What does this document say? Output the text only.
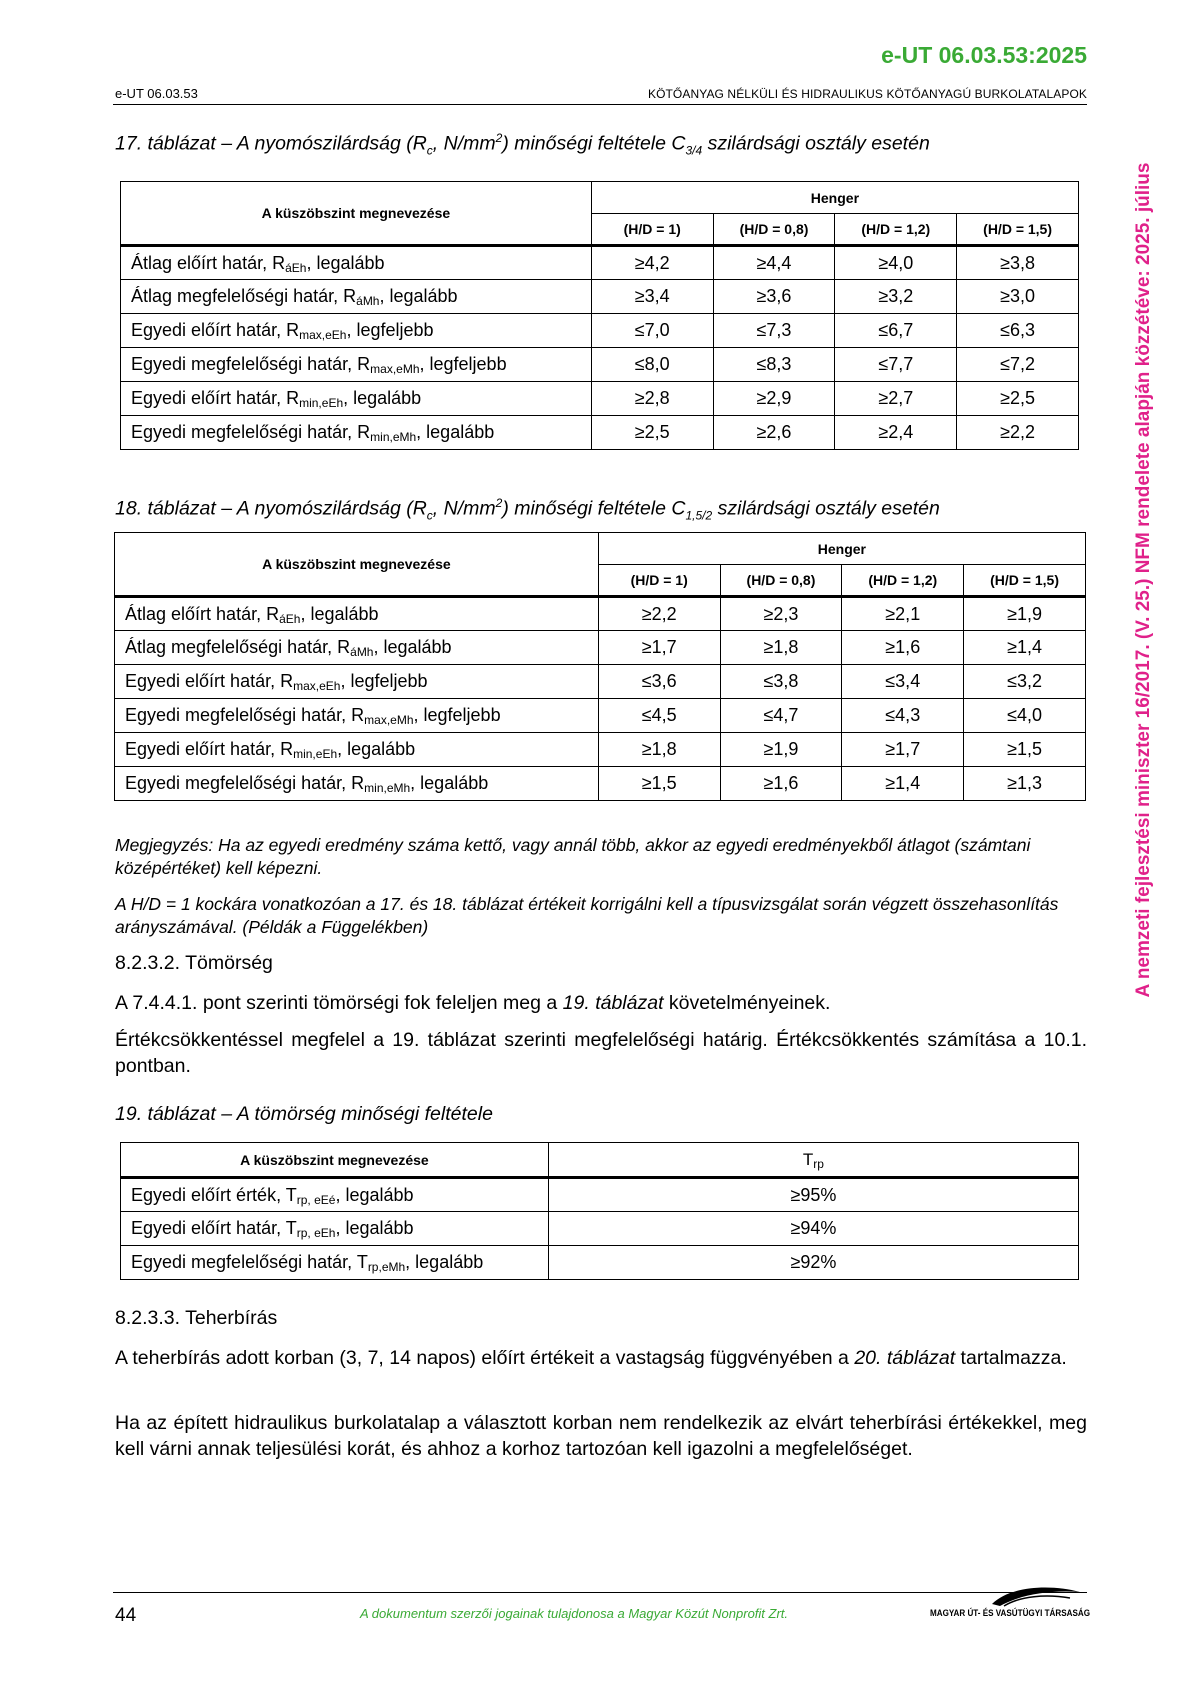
e-UT 06.03.53:2025
e-UT 06.03.53	KÖTŐANYAG NÉLKÜLI ÉS HIDRAULIKUS KÖTŐANYAGÚ BURKOLATALAPOK
17. táblázat – A nyomószilárdság ($R_c$, $N/mm^2$) minőségi feltétele $C_{3/4}$ szilárdsági osztály esetén
A küszöbszint megnevezése	Henger			
	(H/D = 1)	(H/D = 0,8)	(H/D = 1,2)	(H/D = 1,5)
Átlag előírt határ, RáEh, legalább	≥4,2	≥4,4	≥4,0	≥3,8
Átlag megfelelőségi határ, RáMh, legalább	≥3,4	≥3,6	≥3,2	≥3,0
Egyedi előírt határ, Rmax,eEh, legfeljebb	≤7,0	≤7,3	≤6,7	≤6,3
Egyedi megfelelőségi határ, Rmax,eMh, legfeljebb	≤8,0	≤8,3	≤7,7	≤7,2
Egyedi előírt határ, Rmin,eEh, legalább	≥2,8	≥2,9	≥2,7	≥2,5
Egyedi megfelelőségi határ, Rmin,eMh, legalább	≥2,5	≥2,6	≥2,4	≥2,2
18. táblázat – A nyomószilárdság ($R_c$, $N/mm^2$) minőségi feltétele $C_{1,5/2}$ szilárdsági osztály esetén
A küszöbszint megnevezése	Henger			
	(H/D = 1)	(H/D = 0,8)	(H/D = 1,2)	(H/D = 1,5)
Átlag előírt határ, RáEh, legalább	≥2,2	≥2,3	≥2,1	≥1,9
Átlag megfelelőségi határ, RáMh, legalább	≥1,7	≥1,8	≥1,6	≥1,4
Egyedi előírt határ, Rmax,eEh, legfeljebb	≤3,6	≤3,8	≤3,4	≤3,2
Egyedi megfelelőségi határ, Rmax,eMh, legfeljebb	≤4,5	≤4,7	≤4,3	≤4,0
Egyedi előírt határ, Rmin,eEh, legalább	≥1,8	≥1,9	≥1,7	≥1,5
Egyedi megfelelőségi határ, Rmin,eMh, legalább	≥1,5	≥1,6	≥1,4	≥1,3
Megjegyzés: Ha az egyedi eredmény száma kettő, vagy annál több, akkor az egyedi eredményekből átlagot (számtani középértéket) kell képezni.
A H/D = 1 kockára vonatkozóan a 17. és 18. táblázat értékeit korrigálni kell a típusvizsgálat során végzett összehasonlítás arányszámával. (Példák a Függelékben)
8.2.3.2. Tömörség
A 7.4.4.1. pont szerinti tömörségi fok feleljen meg a 19. táblázat követelményeinek.
Értékcsökkentéssel megfelel a 19. táblázat szerinti megfelelőségi határig. Értékcsökkentés számítása a 10.1. pontban.
19. táblázat – A tömörség minőségi feltétele
A küszöbszint megnevezése	Trp
Egyedi előírt érték, Trp, eEé, legalább	≥95%
Egyedi előírt határ, Trp, eEh, legalább	≥94%
Egyedi megfelelőségi határ, Trp,eMh, legalább	≥92%
8.2.3.3. Teherbírás
A teherbírás adott korban (3, 7, 14 napos) előírt értékeit a vastagság függvényében a 20. táblázat tartalmazza.
Ha az épített hidraulikus burkolatalap a választott korban nem rendelkezik az elvárt teherbírási értékekkel, meg kell várni annak teljesülési korát, és ahhoz a korhoz tartozóan kell igazolni a megfelelőséget.
A nemzeti fejlesztési miniszter 16/2017. (V. 25.) NFM rendelete alapján közzétéve: 2025. július
44	A dokumentum szerzői jogainak tulajdonosa a Magyar Közút Nonprofit Zrt.	MAGYAR ÚT- ÉS VASÚTÜGYI TÁRSASÁG
